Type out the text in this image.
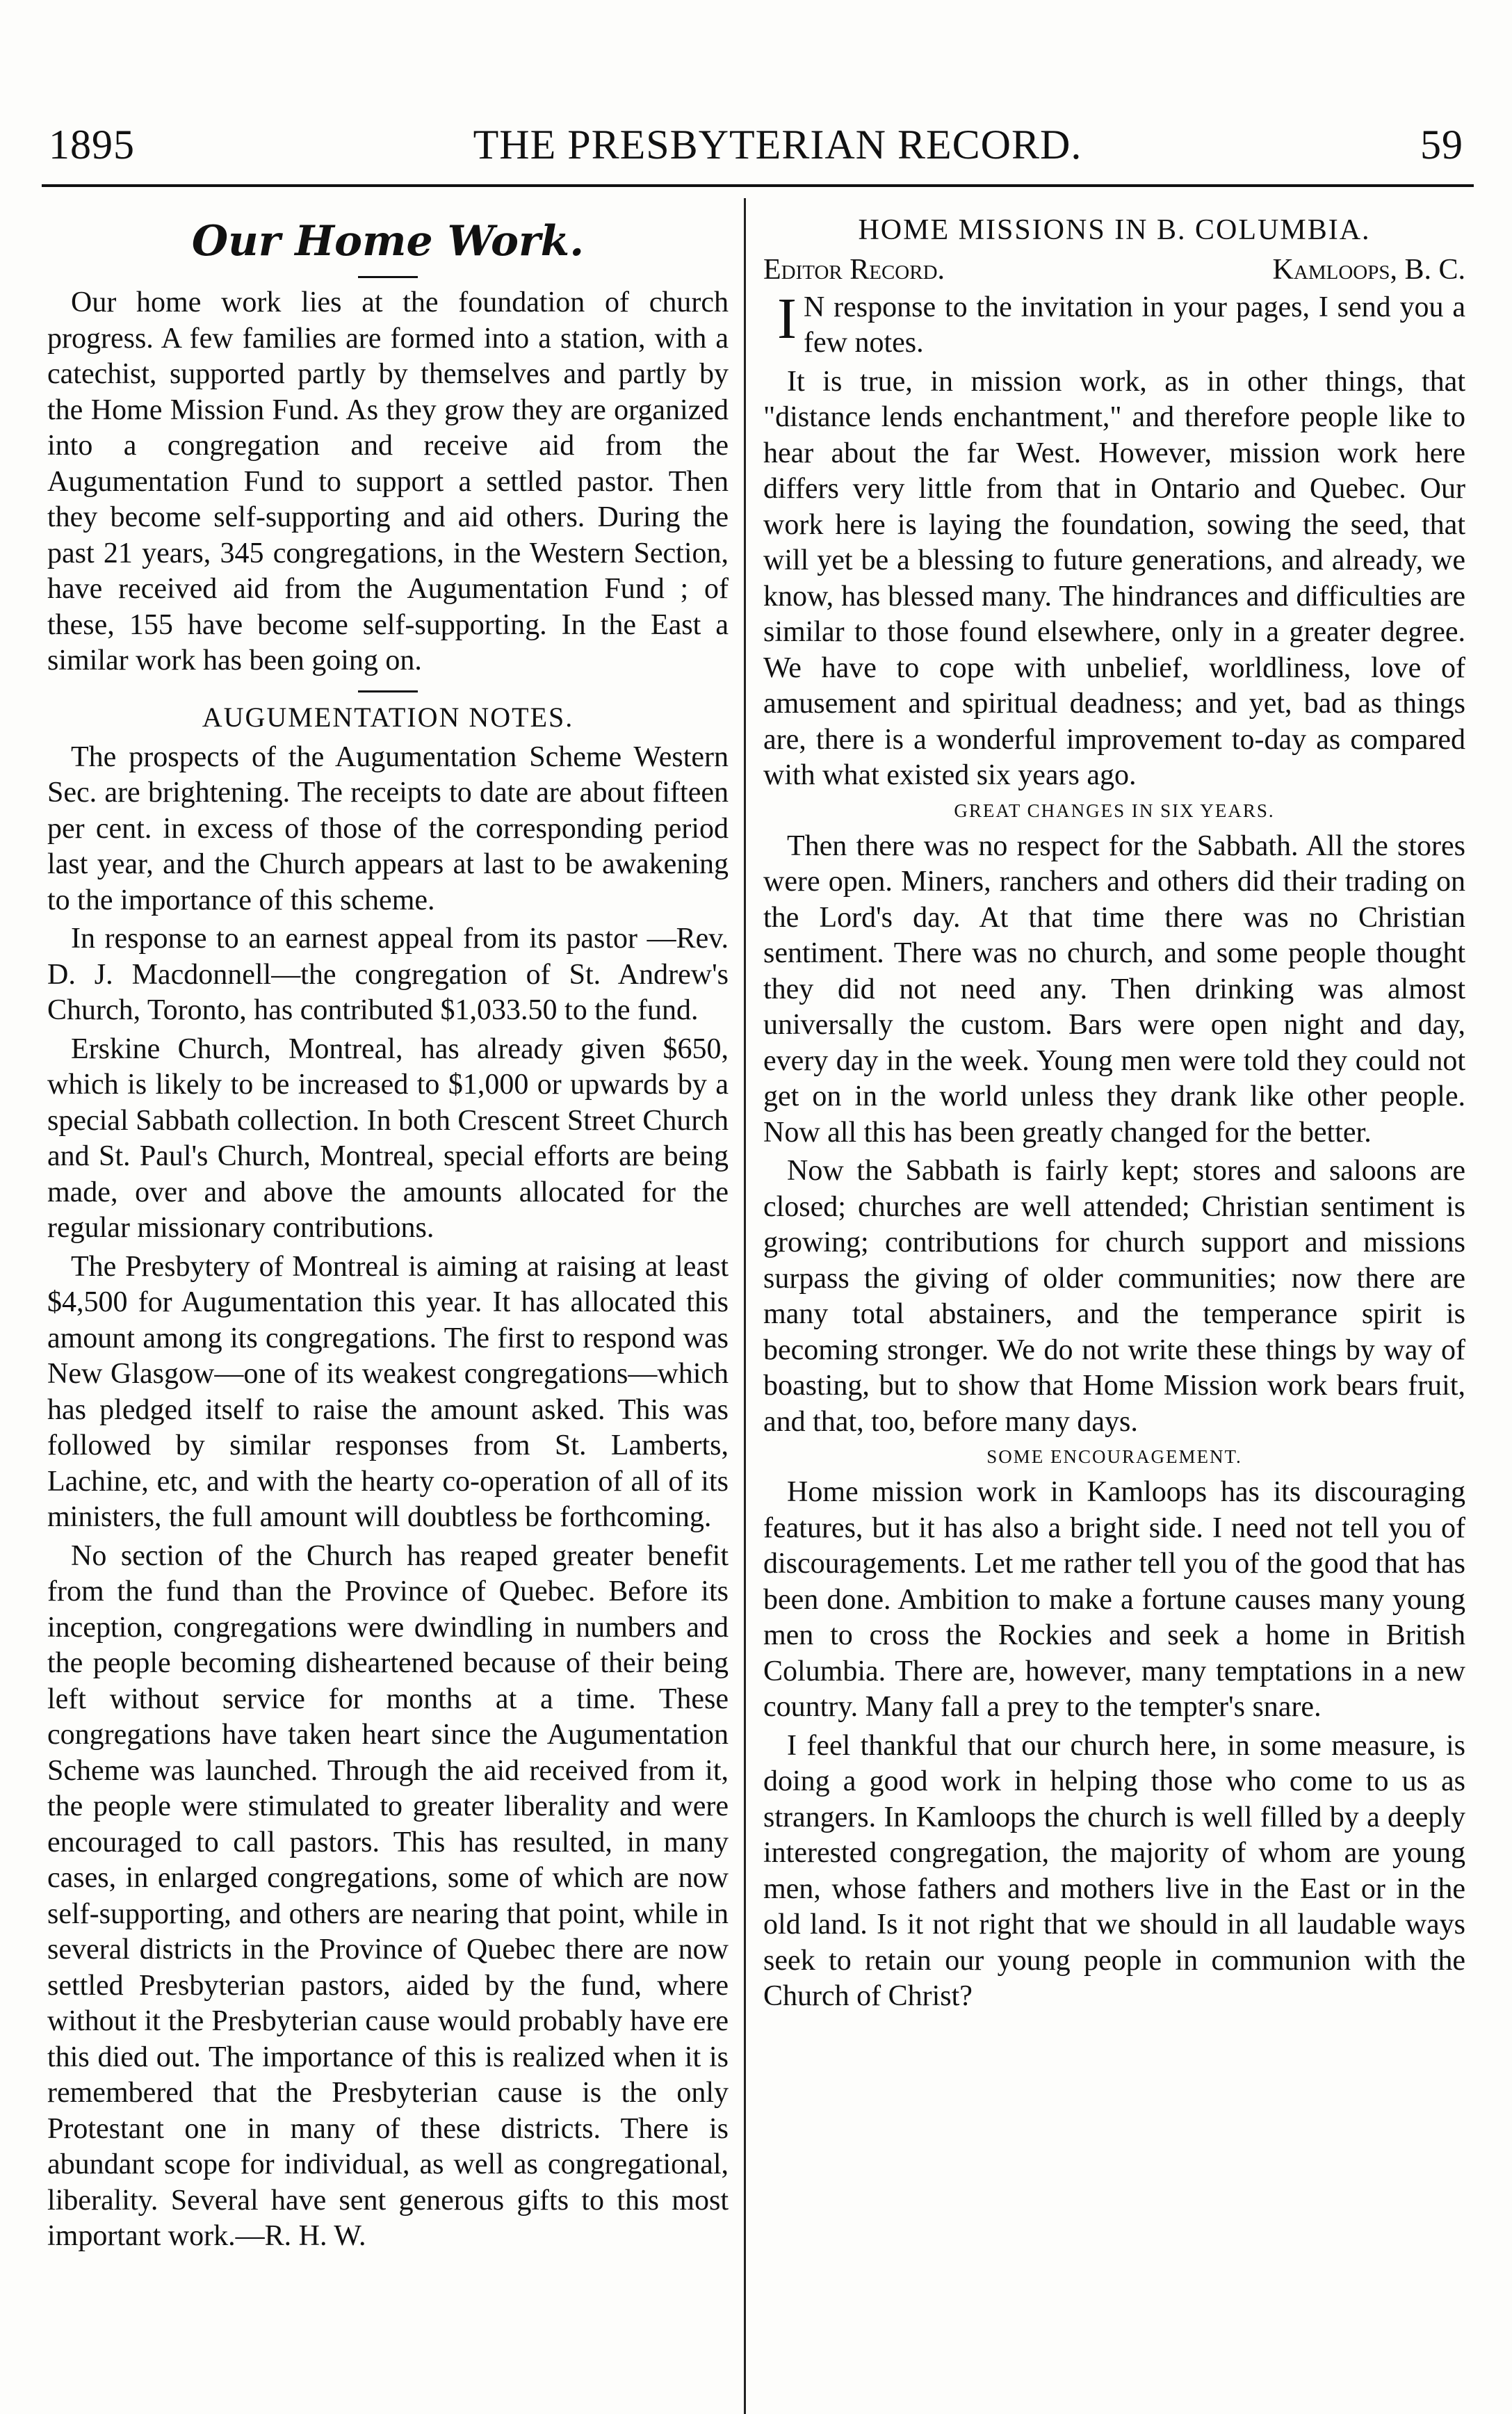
1895	THE PRESBYTERIAN RECORD.	59
Our Home Work.

Our home work lies at the foundation of church progress. A few families are formed into a station, with a catechist, supported partly by themselves and partly by the Home Mission Fund. As they grow they are organized into a congregation and receive aid from the Augumentation Fund to support a settled pastor. Then they become self-supporting and aid others. During the past 21 years, 345 congregations, in the Western Section, have received aid from the Augumentation Fund ; of these, 155 have become self-supporting. In the East a similar work has been going on.

AUGUMENTATION NOTES.

The prospects of the Augumentation Scheme Western Sec. are brightening. The receipts to date are about fifteen per cent. in excess of those of the corresponding period last year, and the Church appears at last to be awakening to the importance of this scheme.

In response to an earnest appeal from its pastor —Rev. D. J. Macdonnell—the congregation of St. Andrew's Church, Toronto, has contributed $1,033.50 to the fund.

Erskine Church, Montreal, has already given $650, which is likely to be increased to $1,000 or upwards by a special Sabbath collection. In both Crescent Street Church and St. Paul's Church, Montreal, special efforts are being made, over and above the amounts allocated for the regular missionary contributions.

The Presbytery of Montreal is aiming at raising at least $4,500 for Augumentation this year. It has allocated this amount among its congregations. The first to respond was New Glasgow—one of its weakest congregations—which has pledged itself to raise the amount asked. This was followed by similar responses from St. Lamberts, Lachine, etc, and with the hearty co-operation of all of its ministers, the full amount will doubtless be forthcoming.

No section of the Church has reaped greater benefit from the fund than the Province of Quebec. Before its inception, congregations were dwindling in numbers and the people becoming disheartened because of their being left without service for months at a time. These congregations have taken heart since the Augumentation Scheme was launched. Through the aid received from it, the people were stimulated to greater liberality and were encouraged to call pastors. This has resulted, in many cases, in enlarged congregations, some of which are now self-supporting, and others are nearing that point, while in several districts in the Province of Quebec there are now settled Presbyterian pastors, aided by the fund, where without it the Presbyterian cause would probably have ere this died out. The importance of this is realized when it is remembered that the Presbyterian cause is the only Protestant one in many of these districts. There is abundant scope for individual, as well as congregational, liberality. Several have sent generous gifts to this most important work.—R. H. W.

HOME MISSIONS IN B. COLUMBIA.
Editor Record.	Kamloops, B. C.

I N response to the invitation in your pages, I send you a few notes.

It is true, in mission work, as in other things, that "distance lends enchantment," and therefore people like to hear about the far West. However, mission work here differs very little from that in Ontario and Quebec. Our work here is laying the foundation, sowing the seed, that will yet be a blessing to future generations, and already, we know, has blessed many. The hindrances and difficulties are similar to those found elsewhere, only in a greater degree. We have to cope with unbelief, worldliness, love of amusement and spiritual deadness; and yet, bad as things are, there is a wonderful improvement to-day as compared with what existed six years ago.

GREAT CHANGES IN SIX YEARS.

Then there was no respect for the Sabbath. All the stores were open. Miners, ranchers and others did their trading on the Lord's day. At that time there was no Christian sentiment. There was no church, and some people thought they did not need any. Then drinking was almost universally the custom. Bars were open night and day, every day in the week. Young men were told they could not get on in the world unless they drank like other people. Now all this has been greatly changed for the better.

Now the Sabbath is fairly kept; stores and saloons are closed; churches are well attended; Christian sentiment is growing; contributions for church support and missions surpass the giving of older communities; now there are many total abstainers, and the temperance spirit is becoming stronger. We do not write these things by way of boasting, but to show that Home Mission work bears fruit, and that, too, before many days.

SOME ENCOURAGEMENT.

Home mission work in Kamloops has its discouraging features, but it has also a bright side. I need not tell you of discouragements. Let me rather tell you of the good that has been done. Ambition to make a fortune causes many young men to cross the Rockies and seek a home in British Columbia. There are, however, many temptations in a new country. Many fall a prey to the tempter's snare.

I feel thankful that our church here, in some measure, is doing a good work in helping those who come to us as strangers. In Kamloops the church is well filled by a deeply interested congregation, the majority of whom are young men, whose fathers and mothers live in the East or in the old land. Is it not right that we should in all laudable ways seek to retain our young people in communion with the Church of Christ?
